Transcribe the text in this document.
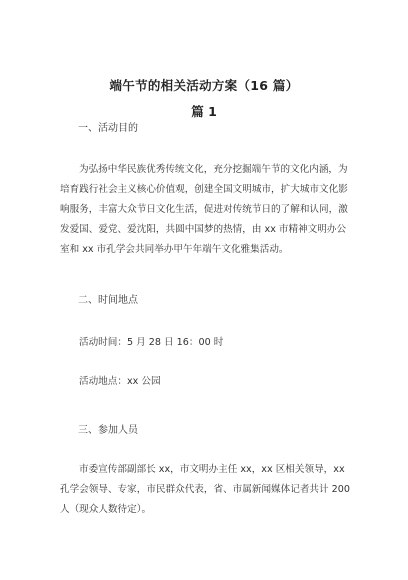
端午节的相关活动方案（16 篇）
篇 1
一、活动目的

为弘扬中华民族优秀传统文化，充分挖掘端午节的文化内涵，为培育践行社会主义核心价值观，创建全国文明城市，扩大城市文化影响服务，丰富大众节日文化生活，促进对传统节日的了解和认同，激发爱国、爱党、爱沈阳，共圆中国梦的热情，由 xx 市精神文明办公室和 xx 市孔学会共同举办甲午年端午文化雅集活动。

二、时间地点

活动时间：5 月 28 日 16：00 时

活动地点：xx 公园

三、参加人员

市委宣传部副部长 xx，市文明办主任 xx，xx 区相关领导，xx 孔学会领导、专家，市民群众代表，省、市属新闻媒体记者共计 200 人（现众人数待定）。
